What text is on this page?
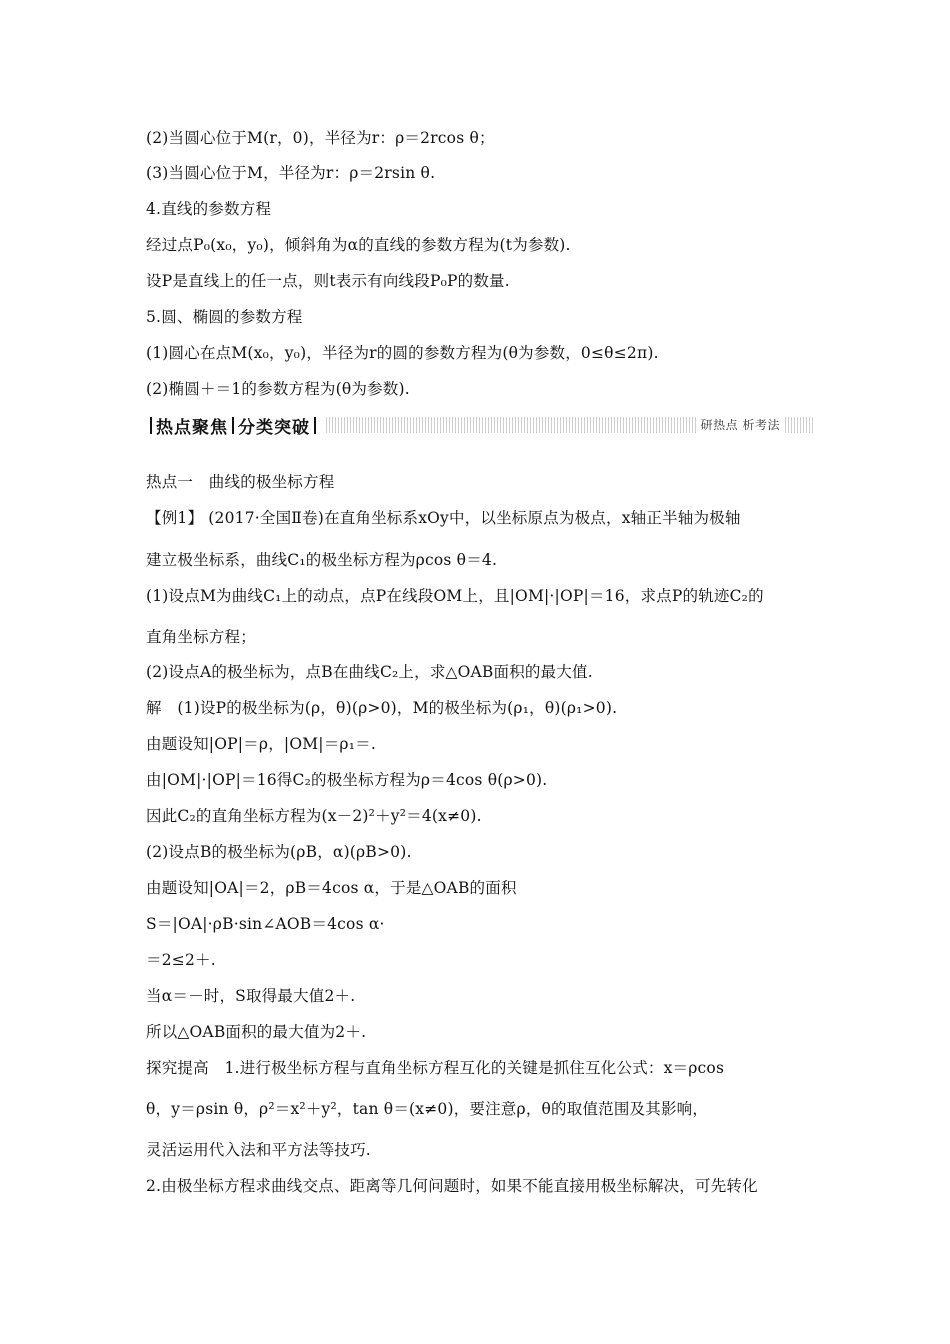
(2)当圆心位于M(r，0)，半径为r：ρ＝2rcos θ；
(3)当圆心位于M，半径为r：ρ＝2rsin θ.
4.直线的参数方程
经过点P₀(x₀，y₀)，倾斜角为α的直线的参数方程为(t为参数).
设P是直线上的任一点，则t表示有向线段P₀P的数量.
5.圆、椭圆的参数方程
(1)圆心在点M(x₀，y₀)，半径为r的圆的参数方程为(θ为参数，0≤θ≤2π).
(2)椭圆＋＝1的参数方程为(θ为参数).
热点聚焦 分类突破	研热点 析考法
热点一　曲线的极坐标方程
【例1】 (2017·全国Ⅱ卷)在直角坐标系xOy中，以坐标原点为极点，x轴正半轴为极轴
建立极坐标系，曲线C₁的极坐标方程为ρcos θ＝4.
(1)设点M为曲线C₁上的动点，点P在线段OM上，且|OM|·|OP|＝16，求点P的轨迹C₂的
直角坐标方程；
(2)设点A的极坐标为，点B在曲线C₂上，求△OAB面积的最大值.
解　(1)设P的极坐标为(ρ，θ)(ρ>0)，M的极坐标为(ρ₁，θ)(ρ₁>0).
由题设知|OP|＝ρ，|OM|＝ρ₁＝.
由|OM|·|OP|＝16得C₂的极坐标方程为ρ＝4cos θ(ρ>0).
因此C₂的直角坐标方程为(x－2)²＋y²＝4(x≠0).
(2)设点B的极坐标为(ρB，α)(ρB>0).
由题设知|OA|＝2，ρB＝4cos α，于是△OAB的面积
S＝|OA|·ρB·sin∠AOB＝4cos α·
＝2≤2＋.
当α＝－时，S取得最大值2＋.
所以△OAB面积的最大值为2＋.
探究提高　1.进行极坐标方程与直角坐标方程互化的关键是抓住互化公式：x＝ρcos
θ，y＝ρsin θ，ρ²＝x²＋y²，tan θ＝(x≠0)，要注意ρ，θ的取值范围及其影响，
灵活运用代入法和平方法等技巧.
2.由极坐标方程求曲线交点、距离等几何问题时，如果不能直接用极坐标解决，可先转化
